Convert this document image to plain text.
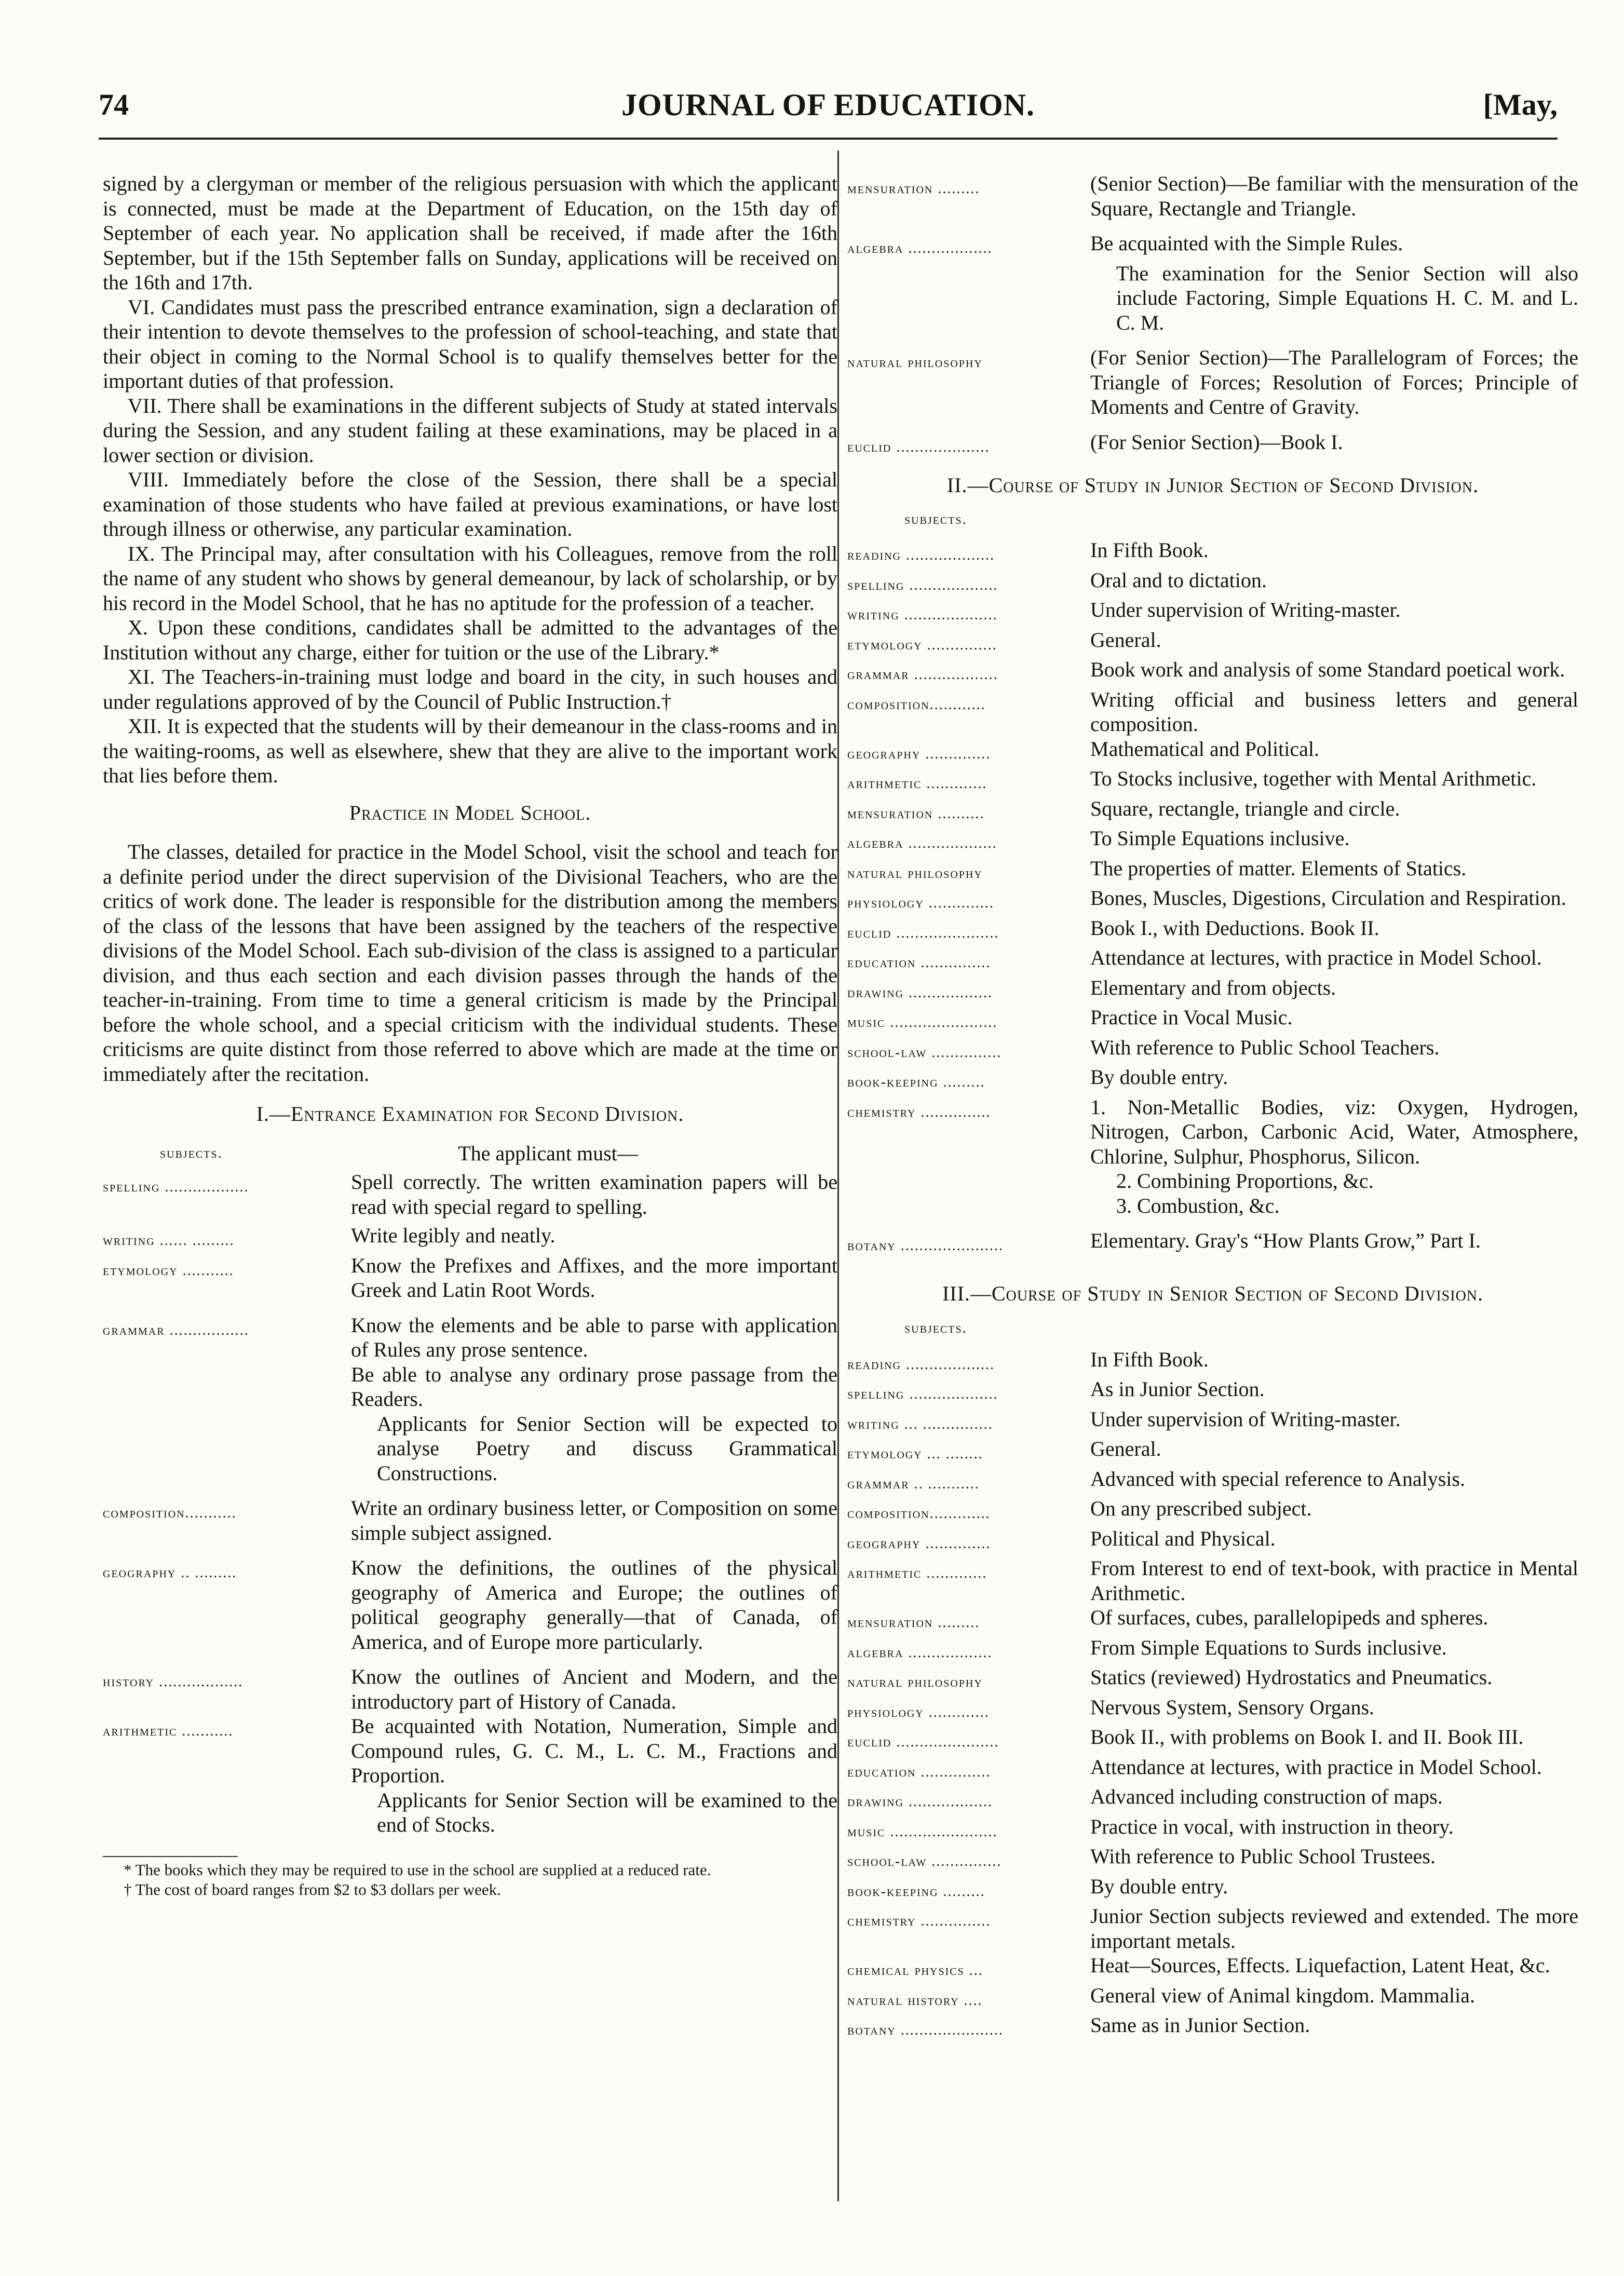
74	JOURNAL OF EDUCATION.	[May,

signed by a clergyman or member of the religious persuasion with which the applicant is connected, must be made at the Department of Education, on the 15th day of September of each year. No application shall be received, if made after the 16th September, but if the 15th September falls on Sunday, applications will be received on the 16th and 17th.

VI. Candidates must pass the prescribed entrance examination, sign a declaration of their intention to devote themselves to the profession of school-teaching, and state that their object in coming to the Normal School is to qualify themselves better for the important duties of that profession.

VII. There shall be examinations in the different subjects of Study at stated intervals during the Session, and any student failing at these examinations, may be placed in a lower section or division.

VIII. Immediately before the close of the Session, there shall be a special examination of those students who have failed at previous examinations, or have lost through illness or otherwise, any particular examination.

IX. The Principal may, after consultation with his Colleagues, remove from the roll the name of any student who shows by general demeanour, by lack of scholarship, or by his record in the Model School, that he has no aptitude for the profession of a teacher.

X. Upon these conditions, candidates shall be admitted to the advantages of the Institution without any charge, either for tuition or the use of the Library.*

XI. The Teachers-in-training must lodge and board in the city, in such houses and under regulations approved of by the Council of Public Instruction.†

XII. It is expected that the students will by their demeanour in the class-rooms and in the waiting-rooms, as well as elsewhere, shew that they are alive to the important work that lies before them.

Practice in Model School.

The classes, detailed for practice in the Model School, visit the school and teach for a definite period under the direct supervision of the Divisional Teachers, who are the critics of work done. The leader is responsible for the distribution among the members of the class of the lessons that have been assigned by the teachers of the respective divisions of the Model School. Each sub-division of the class is assigned to a particular division, and thus each section and each division passes through the hands of the teacher-in-training. From time to time a general criticism is made by the Principal before the whole school, and a special criticism with the individual students. These criticisms are quite distinct from those referred to above which are made at the time or immediately after the recitation.

I.—Entrance Examination for Second Division.
subjects.	The applicant must—
spelling ..................	Spell correctly. The written examination papers will be read with special regard to spelling.
writing ...... .........	Write legibly and neatly.
etymology ...........	Know the Prefixes and Affixes, and the more important Greek and Latin Root Words.
grammar .................	Know the elements and be able to parse with application of Rules any prose sentence.
Be able to analyse any ordinary prose passage from the Readers.
Applicants for Senior Section will be expected to analyse Poetry and discuss Grammatical Constructions.
composition...........	Write an ordinary business letter, or Composition on some simple subject assigned.
geography .. .........	Know the definitions, the outlines of the physical geography of America and Europe; the outlines of political geography generally—that of Canada, of America, and of Europe more particularly.
history ..................	Know the outlines of Ancient and Modern, and the introductory part of History of Canada.
arithmetic ...........	Be acquainted with Notation, Numeration, Simple and Compound rules, G. C. M., L. C. M., Fractions and Proportion.
Applicants for Senior Section will be examined to the end of Stocks.
* The books which they may be required to use in the school are supplied at a reduced rate.
† The cost of board ranges from $2 to $3 dollars per week.
mensuration .........	(Senior Section)—Be familiar with the mensuration of the Square, Rectangle and Triangle.
algebra ..................	Be acquainted with the Simple Rules.
The examination for the Senior Section will also include Factoring, Simple Equations H. C. M. and L. C. M.
natural philosophy	(For Senior Section)—The Parallelogram of Forces; the Triangle of Forces; Resolution of Forces; Principle of Moments and Centre of Gravity.
euclid ....................	(For Senior Section)—Book I.
II.—Course of Study in Junior Section of Second Division.
subjects.
reading ...................	In Fifth Book.
spelling ...................	Oral and to dictation.
writing ....................	Under supervision of Writing-master.
etymology ...............	General.
grammar ..................	Book work and analysis of some Standard poetical work.
composition............	Writing official and business letters and general composition.
geography ..............	Mathematical and Political.
arithmetic .............	To Stocks inclusive, together with Mental Arithmetic.
mensuration ..........	Square, rectangle, triangle and circle.
algebra ...................	To Simple Equations inclusive.
natural philosophy	The properties of matter. Elements of Statics.
physiology ..............	Bones, Muscles, Digestions, Circulation and Respiration.
euclid ......................	Book I., with Deductions. Book II.
education ...............	Attendance at lectures, with practice in Model School.
drawing ..................	Elementary and from objects.
music .......................	Practice in Vocal Music.
school-law ...............	With reference to Public School Teachers.
book-keeping .........	By double entry.
chemistry ...............	1. Non-Metallic Bodies, viz: Oxygen, Hydrogen, Nitrogen, Carbon, Carbonic Acid, Water, Atmosphere, Chlorine, Sulphur, Phosphorus, Silicon.
2. Combining Proportions, &c.
3. Combustion, &c.
botany ......................	Elementary. Gray's “How Plants Grow,” Part I.
III.—Course of Study in Senior Section of Second Division.
subjects.
reading ...................	In Fifth Book.
spelling ...................	As in Junior Section.
writing ... ...............	Under supervision of Writing-master.
etymology ... ........	General.
grammar .. ...........	Advanced with special reference to Analysis.
composition.............	On any prescribed subject.
geography ..............	Political and Physical.
arithmetic .............	From Interest to end of text-book, with practice in Mental Arithmetic.
mensuration .........	Of surfaces, cubes, parallelopipeds and spheres.
algebra ..................	From Simple Equations to Surds inclusive.
natural philosophy	Statics (reviewed) Hydrostatics and Pneumatics.
physiology .............	Nervous System, Sensory Organs.
euclid ......................	Book II., with problems on Book I. and II. Book III.
education ...............	Attendance at lectures, with practice in Model School.
drawing ..................	Advanced including construction of maps.
music .......................	Practice in vocal, with instruction in theory.
school-law ...............	With reference to Public School Trustees.
book-keeping .........	By double entry.
chemistry ...............	Junior Section subjects reviewed and extended. The more important metals.
chemical physics ...	Heat—Sources, Effects. Liquefaction, Latent Heat, &c.
natural history ....	General view of Animal kingdom. Mammalia.
botany ......................	Same as in Junior Section.
